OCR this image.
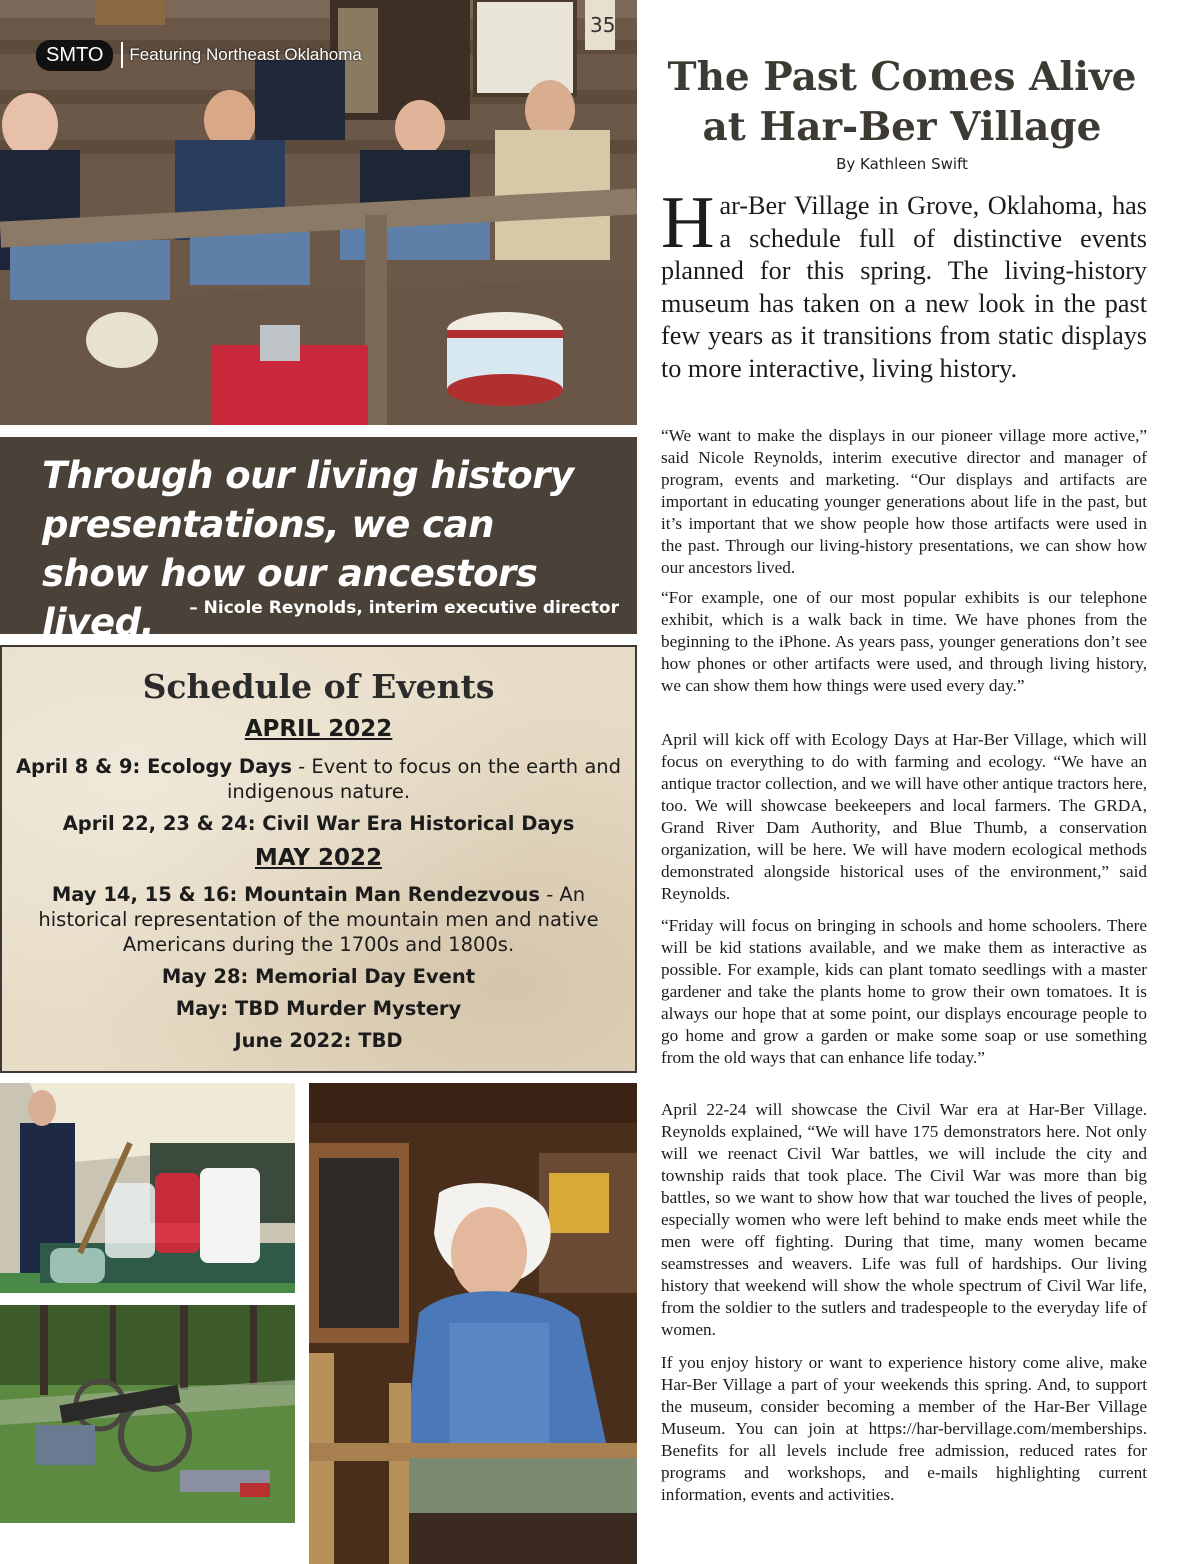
35
SMTO	Featuring Northeast Oklahoma
Through our living history presentations, we can show how our ancestors lived.	– Nicole Reynolds, interim executive director
Schedule of Events
APRIL 2022
April 8 & 9: Ecology Days - Event to focus on the earth and indigenous nature.
April 22, 23 & 24: Civil War Era Historical Days
MAY 2022
May 14, 15 & 16: Mountain Man Rendezvous - An historical representation of the mountain men and native Americans during the 1700s and 1800s.
May 28: Memorial Day Event
May: TBD Murder Mystery
June 2022: TBD
The Past Comes Alive at Har-Ber Village
By Kathleen Swift
Har-Ber Village in Grove, Oklahoma, has a schedule full of distinctive events planned for this spring. The living-history museum has taken on a new look in the past few years as it transitions from static displays to more interactive, living history.

“We want to make the displays in our pioneer village more active,” said Nicole Reynolds, interim executive director and manager of program, events and marketing. “Our displays and artifacts are important in educating younger generations about life in the past, but it’s important that we show people how those artifacts were used in the past. Through our living-history presentations, we can show how our ancestors lived.

“For example, one of our most popular exhibits is our telephone exhibit, which is a walk back in time. We have phones from the beginning to the iPhone. As years pass, younger generations don’t see how phones or other artifacts were used, and through living history, we can show them how things were used every day.”

April will kick off with Ecology Days at Har-Ber Village, which will focus on everything to do with farming and ecology. “We have an antique tractor collection, and we will have other antique tractors here, too. We will showcase beekeepers and local farmers. The GRDA, Grand River Dam Authority, and Blue Thumb, a conservation organization, will be here. We will have modern ecological methods demonstrated alongside historical uses of the environment,” said Reynolds.

“Friday will focus on bringing in schools and home schoolers. There will be kid stations available, and we make them as interactive as possible. For example, kids can plant tomato seedlings with a master gardener and take the plants home to grow their own tomatoes. It is always our hope that at some point, our displays encourage people to go home and grow a garden or make some soap or use something from the old ways that can enhance life today.”

April 22-24 will showcase the Civil War era at Har-Ber Village. Reynolds explained, “We will have 175 demonstrators here. Not only will we reenact Civil War battles, we will include the city and township raids that took place. The Civil War was more than big battles, so we want to show how that war touched the lives of people, especially women who were left behind to make ends meet while the men were off fighting. During that time, many women became seamstresses and weavers. Life was full of hardships. Our living history that weekend will show the whole spectrum of Civil War life, from the soldier to the sutlers and tradespeople to the everyday life of women.

If you enjoy history or want to experience history come alive, make Har-Ber Village a part of your weekends this spring. And, to support the museum, consider becoming a member of the Har-Ber Village Museum. You can join at https://har-bervillage.com/memberships. Benefits for all levels include free admission, reduced rates for programs and workshops, and e-mails highlighting current information, events and activities.
